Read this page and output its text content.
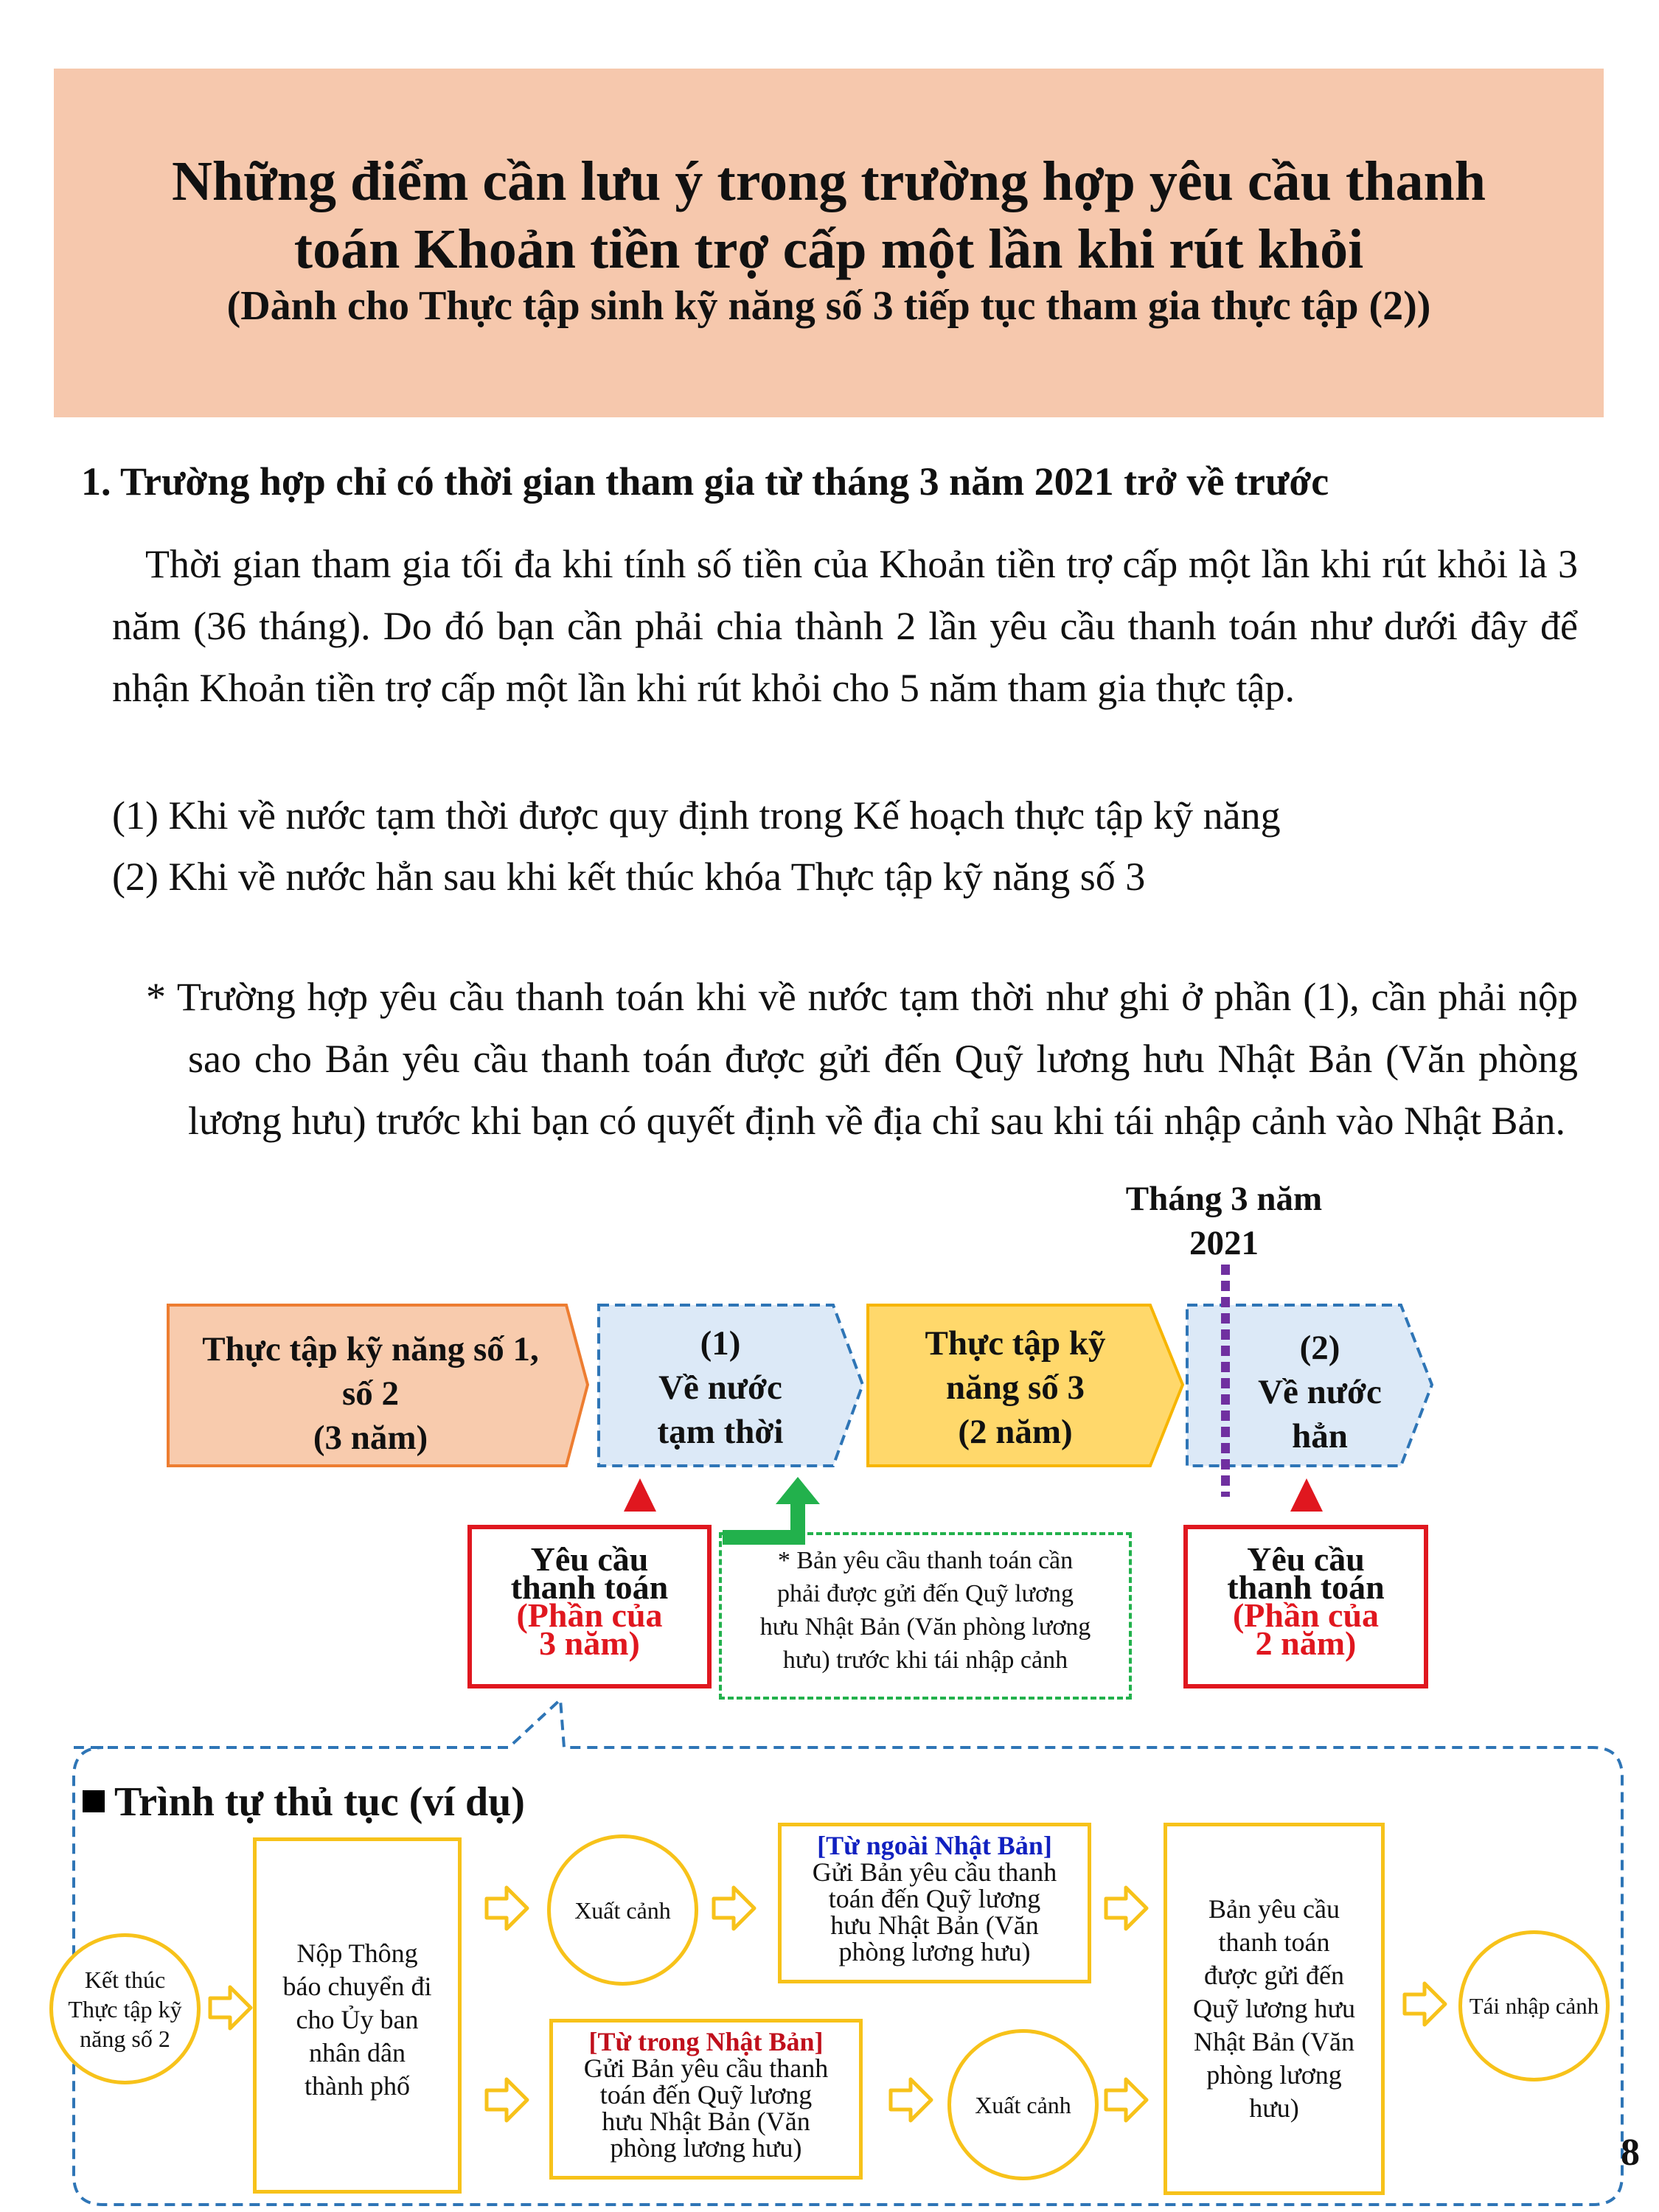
Những điểm cần lưu ý trong trường hợp yêu cầu thanh
toán Khoản tiền trợ cấp một lần khi rút khỏi
(Dành cho Thực tập sinh kỹ năng số 3 tiếp tục tham gia thực tập (2))
1. Trường hợp chỉ có thời gian tham gia từ tháng 3 năm 2021 trở về trước
Thời gian tham gia tối đa khi tính số tiền của Khoản tiền trợ cấp một lần khi rút khỏi là 3 năm (36 tháng). Do đó bạn cần phải chia thành 2 lần yêu cầu thanh toán như dưới đây để nhận Khoản tiền trợ cấp một lần khi rút khỏi cho 5 năm tham gia thực tập.
(1) Khi về nước tạm thời được quy định trong Kế hoạch thực tập kỹ năng
(2) Khi về nước hẳn sau khi kết thúc khóa Thực tập kỹ năng số 3
* Trường hợp yêu cầu thanh toán khi về nước tạm thời như ghi ở phần (1), cần phải nộp sao cho Bản yêu cầu thanh toán được gửi đến Quỹ lương hưu Nhật Bản (Văn phòng lương hưu) trước khi bạn có quyết định về địa chỉ sau khi tái nhập cảnh vào Nhật Bản.
Tháng 3 năm
2021
Thực tập kỹ năng số 1,
số 2
(3 năm)
(1)
Về nước
tạm thời
Thực tập kỹ
năng số 3
(2 năm)
(2)
Về nước
hẳn
Yêu cầu
thanh toán
(Phần của
3 năm)
Yêu cầu
thanh toán
(Phần của
2 năm)
* Bản yêu cầu thanh toán cần
phải được gửi đến Quỹ lương
hưu Nhật Bản (Văn phòng lương
hưu) trước khi tái nhập cảnh
Trình tự thủ tục (ví dụ)
Kết thúc
Thực tập kỹ
năng số 2
Nộp Thông
báo chuyển đi
cho Ủy ban
nhân dân
thành phố
Xuất cảnh
[Từ ngoài Nhật Bản]
Gửi Bản yêu cầu thanh
toán đến Quỹ lương
hưu Nhật Bản (Văn
phòng lương hưu)
[Từ trong Nhật Bản]
Gửi Bản yêu cầu thanh
toán đến Quỹ lương
hưu Nhật Bản (Văn
phòng lương hưu)
Xuất cảnh
Bản yêu cầu
thanh toán
được gửi đến
Quỹ lương hưu
Nhật Bản (Văn
phòng lương
hưu)
Tái nhập cảnh
8
